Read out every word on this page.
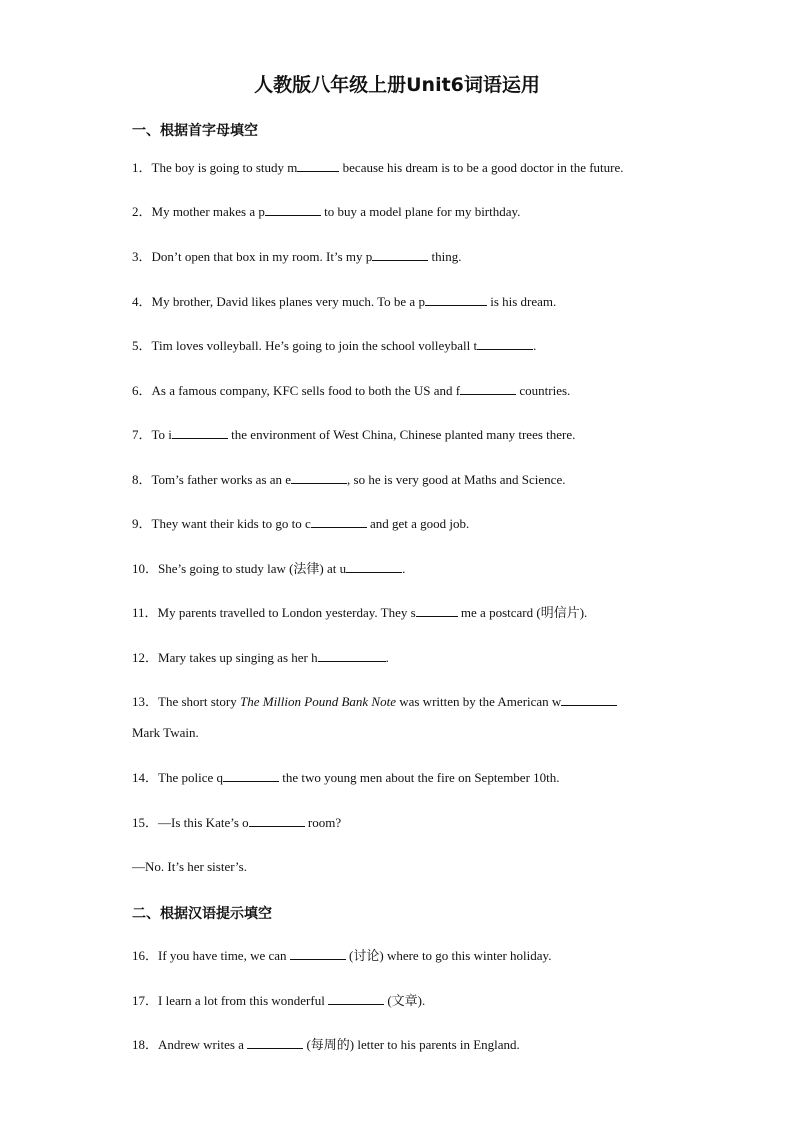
人教版八年级上册Unit6词语运用
一、根据首字母填空
1．The boy is going to study m	because his dream is to be a good doctor in the future.
2．My mother makes a p	to buy a model plane for my birthday.
3．Don’t open that box in my room. It’s my p	thing.
4．My brother, David likes planes very much. To be a p	is his dream.
5．Tim loves volleyball. He’s going to join the school volleyball t	.
6．As a famous company, KFC sells food to both the US and f	countries.
7．To i	the environment of West China, Chinese planted many trees there.
8．Tom’s father works as an e	, so he is very good at Maths and Science.
9．They want their kids to go to c	and get a good job.
10．She’s going to study law (法律) at u	.
11．My parents travelled to London yesterday. They s	me a postcard (明信片).
12．Mary takes up singing as her h	.
13．The short story The Million Pound Bank Note was written by the American w
Mark Twain.
14．The police q	the two young men about the fire on September 10th.
15．—Is this Kate’s o	room?
—No. It’s her sister’s.
二、根据汉语提示填空
16．If you have time, we can	(讨论) where to go this winter holiday.
17．I learn a lot from this wonderful	(文章).
18．Andrew writes a	(每周的) letter to his parents in England.
